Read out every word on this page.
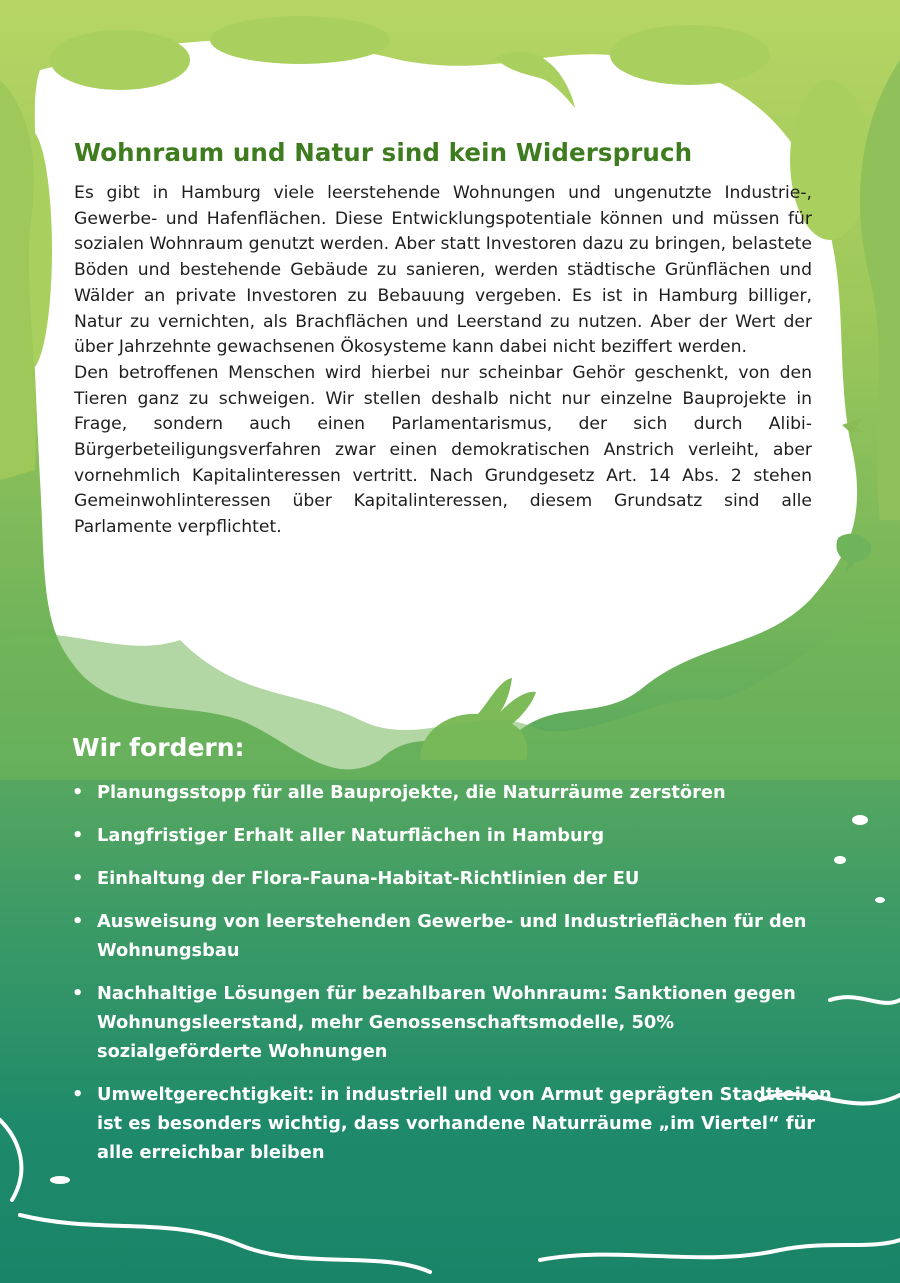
Wohnraum und Natur sind kein Widerspruch

Es gibt in Hamburg viele leerstehende Wohnungen und ungenutzte Industrie-, Gewerbe- und Hafenflächen. Diese Entwicklungspotentiale können und müssen für sozialen Wohnraum genutzt werden. Aber statt Investoren dazu zu bringen, belastete Böden und bestehende Gebäude zu sanieren, werden städtische Grünflächen und Wälder an private Investoren zu Bebauung vergeben. Es ist in Hamburg billiger, Natur zu vernichten, als Brachflächen und Leerstand zu nutzen. Aber der Wert der über Jahrzehnte gewachsenen Ökosysteme kann dabei nicht beziffert werden.

Den betroffenen Menschen wird hierbei nur scheinbar Gehör geschenkt, von den Tieren ganz zu schweigen. Wir stellen deshalb nicht nur einzelne Bauprojekte in Frage, sondern auch einen Parlamentarismus, der sich durch Alibi-Bürgerbeteiligungsverfahren zwar einen demokratischen Anstrich verleiht, aber vornehmlich Kapitalinteressen vertritt. Nach Grundgesetz Art. 14 Abs. 2 stehen Gemeinwohlinteressen über Kapitalinteressen, diesem Grundsatz sind alle Parlamente verpflichtet.

Wir fordern:
• Planungsstopp für alle Bauprojekte, die Naturräume zerstören
• Langfristiger Erhalt aller Naturflächen in Hamburg
• Einhaltung der Flora-Fauna-Habitat-Richtlinien der EU
• Ausweisung von leerstehenden Gewerbe- und Industrieflächen für den Wohnungsbau
• Nachhaltige Lösungen für bezahlbaren Wohnraum: Sanktionen gegen Wohnungsleerstand, mehr Genossenschaftsmodelle, 50% sozialgeförderte Wohnungen
• Umweltgerechtigkeit: in industriell und von Armut geprägten Stadtteilen ist es besonders wichtig, dass vorhandene Naturräume „im Viertel“ für alle erreichbar bleiben
